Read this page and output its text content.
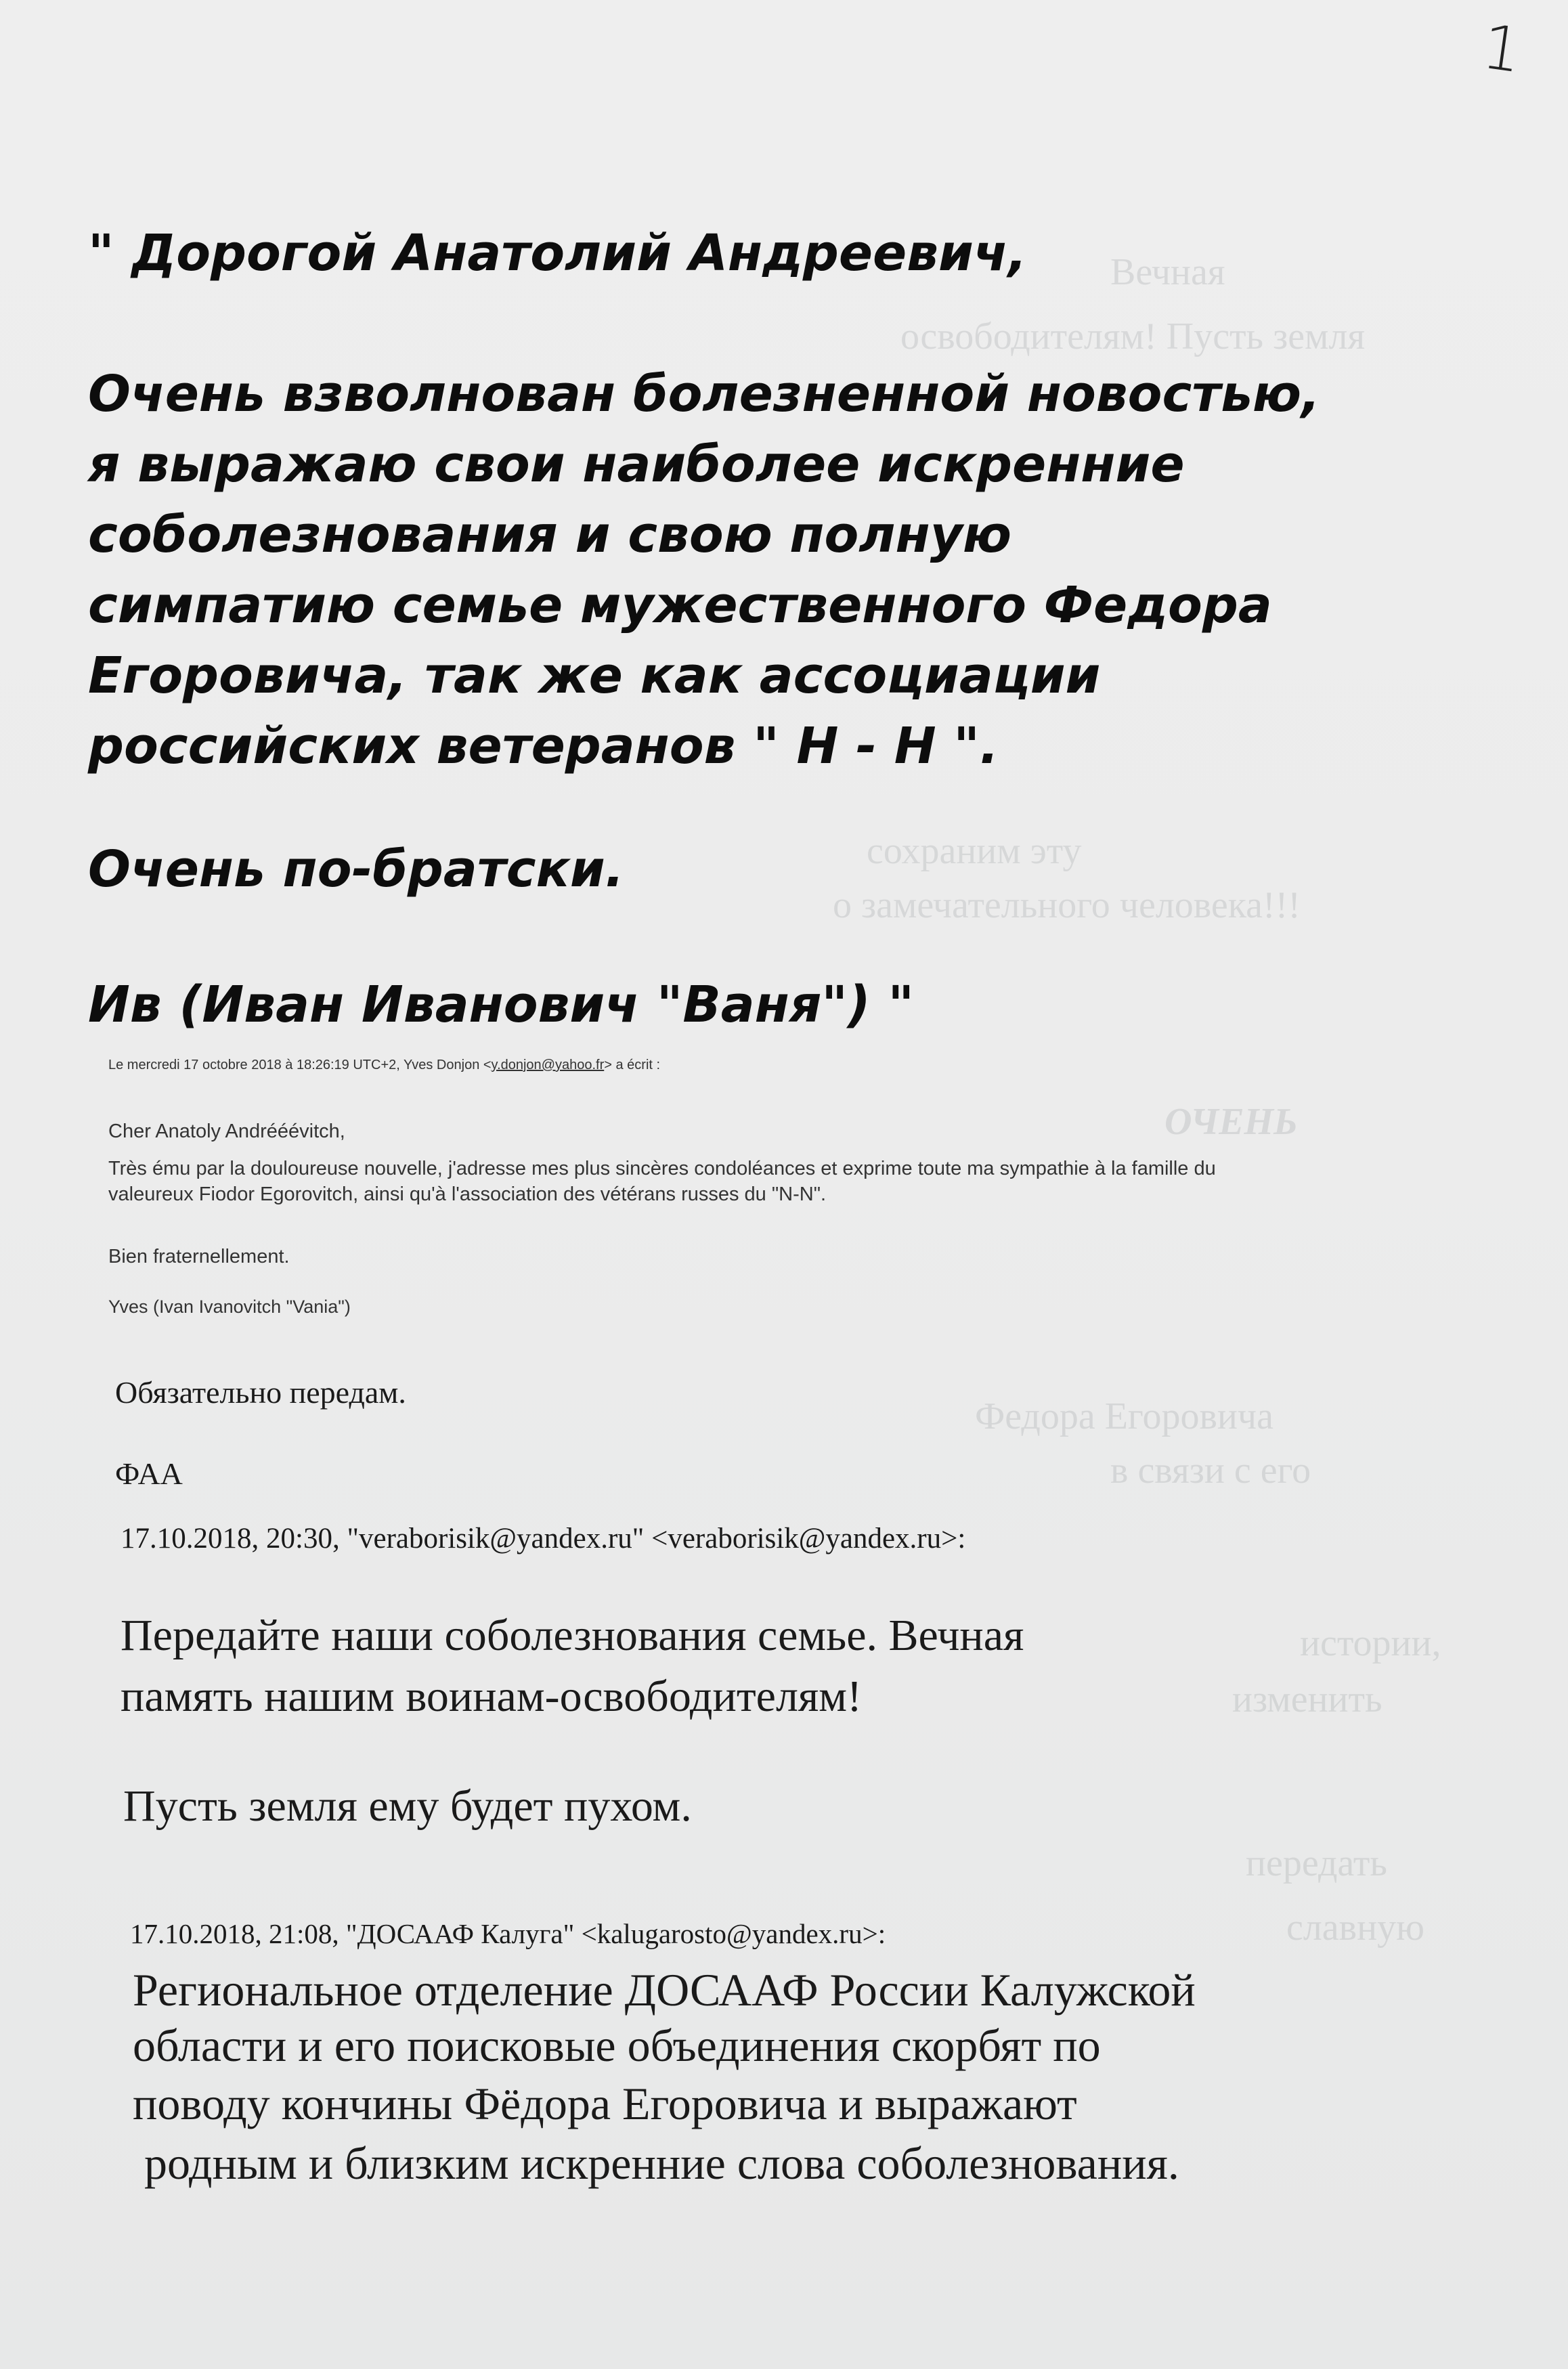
Вечная
освободителям! Пусть земля
сохраним эту
о замечательного человека!!!
ОЧЕНЬ
Федора Егоровича
в связи с его
истории,
изменить
передать
славную
1
" Дорогой Анатолий Андреевич,
Очень взволнован болезненной новостью,
я выражаю свои наиболее искренние
соболезнования и свою полную
симпатию семье мужественного Федора
Егоровича, так же как ассоциации
российских ветеранов " Н - Н ".
Очень по-братски.
Ив (Иван Иванович "Ваня") "
Le mercredi 17 octobre 2018 à 18:26:19 UTC+2, Yves Donjon <y.donjon@yahoo.fr> a écrit :
Cher Anatoly Andrééévitch,
Très ému par la douloureuse nouvelle, j'adresse mes plus sincères condoléances et exprime toute ma sympathie à la famille du
valeureux Fiodor Egorovitch, ainsi qu'à l'association des vétérans russes du "N-N".
Bien fraternellement.
Yves (Ivan Ivanovitch "Vania")
Обязательно передам.
ФАА
17.10.2018, 20:30, "veraborisik@yandex.ru" <veraborisik@yandex.ru>:
Передайте наши соболезнования семье. Вечная
память нашим воинам-освободителям!
Пусть земля ему будет пухом.
17.10.2018, 21:08, "ДОСААФ Калуга" <kalugarosto@yandex.ru>:
Региональное отделение ДОСААФ России Калужской
области и его поисковые объединения скорбят по
поводу кончины Фёдора Егоровича и выражают
родным и близким искренние слова соболезнования.
